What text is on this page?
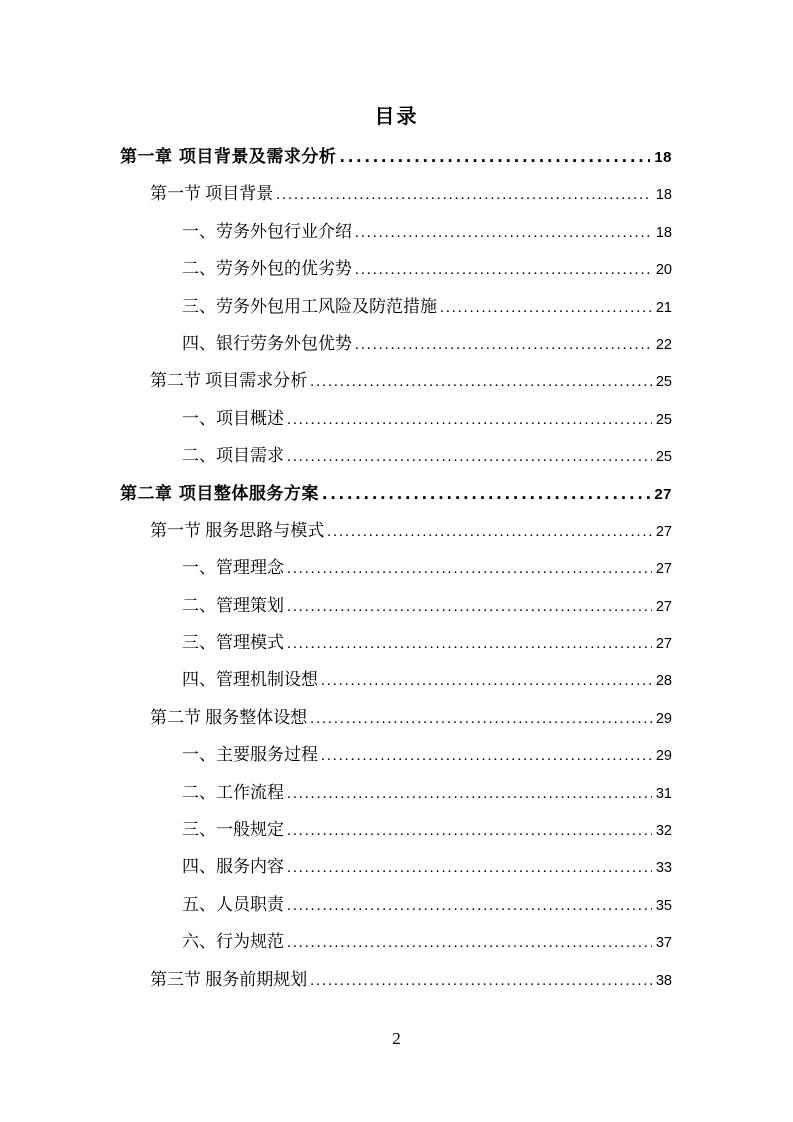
目录
第一章 项目背景及需求分析 .....	18
第一节 项目背景 .....	18
一、劳务外包行业介绍 .....	18
二、劳务外包的优劣势 .....	20
三、劳务外包用工风险及防范措施 .....	21
四、银行劳务外包优势 .....	22
第二节 项目需求分析 .....	25
一、项目概述 .....	25
二、项目需求 .....	25
第二章 项目整体服务方案 .....	27
第一节 服务思路与模式 .....	27
一、管理理念 .....	27
二、管理策划 .....	27
三、管理模式 .....	27
四、管理机制设想 .....	28
第二节 服务整体设想 .....	29
一、主要服务过程 .....	29
二、工作流程 .....	31
三、一般规定 .....	32
四、服务内容 .....	33
五、人员职责 .....	35
六、行为规范 .....	37
第三节 服务前期规划 .....	38
2
